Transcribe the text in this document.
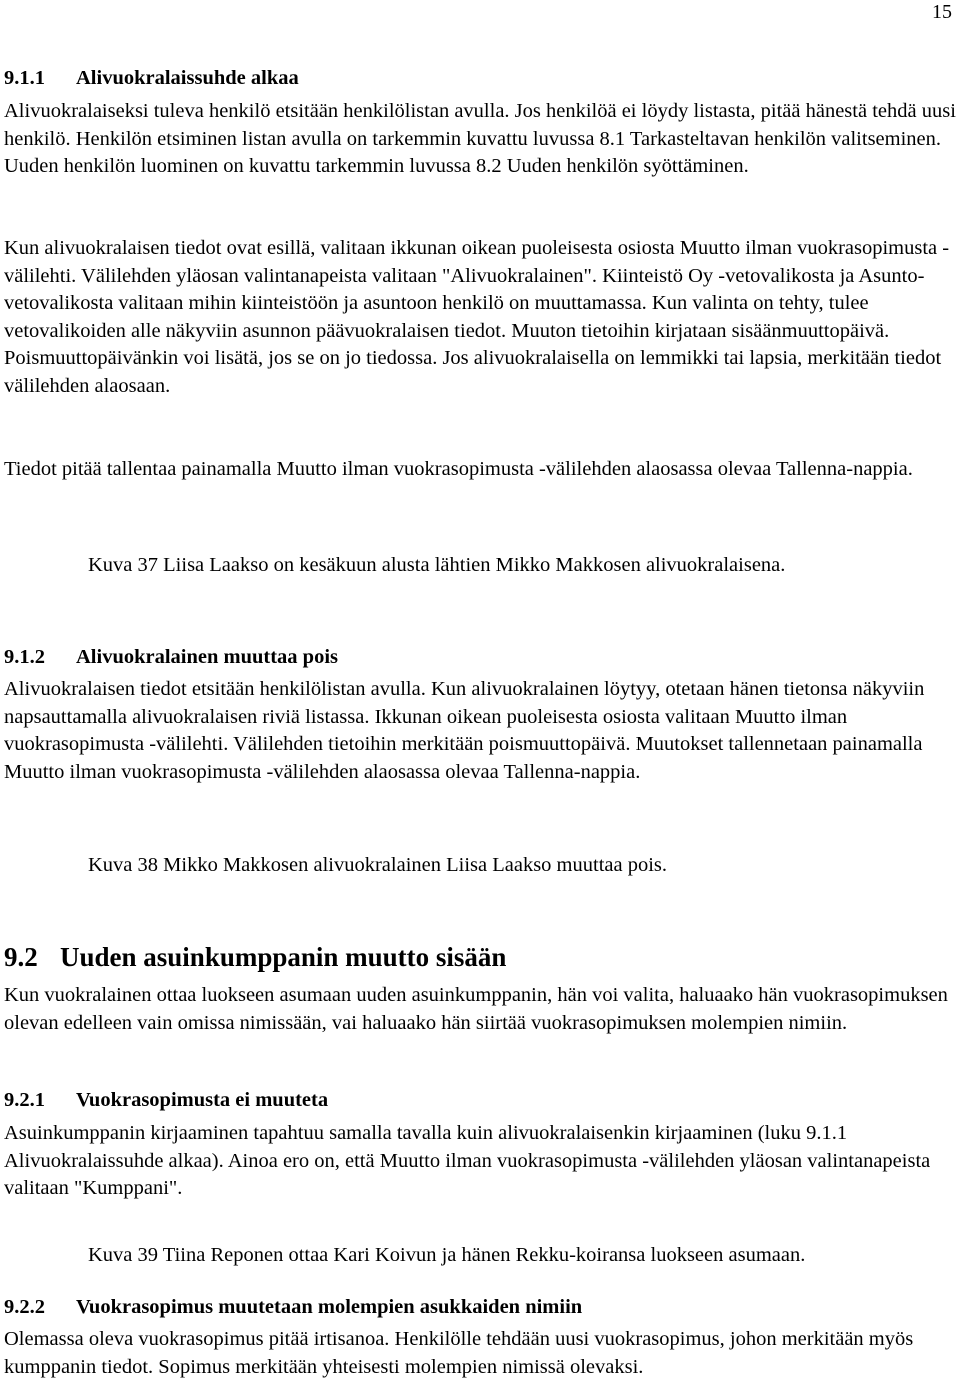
15
9.1.1 Alivuokralaissuhde alkaa

Alivuokralaiseksi tuleva henkilö etsitään henkilölistan avulla. Jos henkilöä ei löydy listasta, pitää hänestä tehdä uusi henkilö. Henkilön etsiminen listan avulla on tarkemmin kuvattu luvussa 8.1 Tarkasteltavan henkilön valitseminen. Uuden henkilön luominen on kuvattu tarkemmin luvussa 8.2 Uuden henkilön syöttäminen.

Kun alivuokralaisen tiedot ovat esillä, valitaan ikkunan oikean puoleisesta osiosta Muutto ilman vuokrasopimusta -välilehti. Välilehden yläosan valintanapeista valitaan "Alivuokralainen". Kiinteistö Oy -vetovalikosta ja Asunto-vetovalikosta valitaan mihin kiinteistöön ja asuntoon henkilö on muuttamassa. Kun valinta on tehty, tulee vetovalikoiden alle näkyviin asunnon päävuokralaisen tiedot. Muuton tietoihin kirjataan sisäänmuuttopäivä. Poismuuttopäivänkin voi lisätä, jos se on jo tiedossa. Jos alivuokralaisella on lemmikki tai lapsia, merkitään tiedot välilehden alaosaan.

Tiedot pitää tallentaa painamalla Muutto ilman vuokrasopimusta -välilehden alaosassa olevaa Tallenna-nappia.

Kuva 37 Liisa Laakso on kesäkuun alusta lähtien Mikko Makkosen alivuokralaisena.

9.1.2 Alivuokralainen muuttaa pois

Alivuokralaisen tiedot etsitään henkilölistan avulla. Kun alivuokralainen löytyy, otetaan hänen tietonsa näkyviin napsauttamalla alivuokralaisen riviä listassa. Ikkunan oikean puoleisesta osiosta valitaan Muutto ilman vuokrasopimusta -välilehti. Välilehden tietoihin merkitään poismuuttopäivä. Muutokset tallennetaan painamalla Muutto ilman vuokrasopimusta -välilehden alaosassa olevaa Tallenna-nappia.

Kuva 38 Mikko Makkosen alivuokralainen Liisa Laakso muuttaa pois.

9.2 Uuden asuinkumppanin muutto sisään

Kun vuokralainen ottaa luokseen asumaan uuden asuinkumppanin, hän voi valita, haluaako hän vuokrasopimuksen olevan edelleen vain omissa nimissään, vai haluaako hän siirtää vuokrasopimuksen molempien nimiin.

9.2.1 Vuokrasopimusta ei muuteta

Asuinkumppanin kirjaaminen tapahtuu samalla tavalla kuin alivuokralaisenkin kirjaaminen (luku 9.1.1 Alivuokralaissuhde alkaa). Ainoa ero on, että Muutto ilman vuokrasopimusta -välilehden yläosan valintanapeista valitaan "Kumppani".

Kuva 39 Tiina Reponen ottaa Kari Koivun ja hänen Rekku-koiransa luokseen asumaan.

9.2.2 Vuokrasopimus muutetaan molempien asukkaiden nimiin

Olemassa oleva vuokrasopimus pitää irtisanoa. Henkilölle tehdään uusi vuokrasopimus, johon merkitään myös kumppanin tiedot. Sopimus merkitään yhteisesti molempien nimissä olevaksi.
